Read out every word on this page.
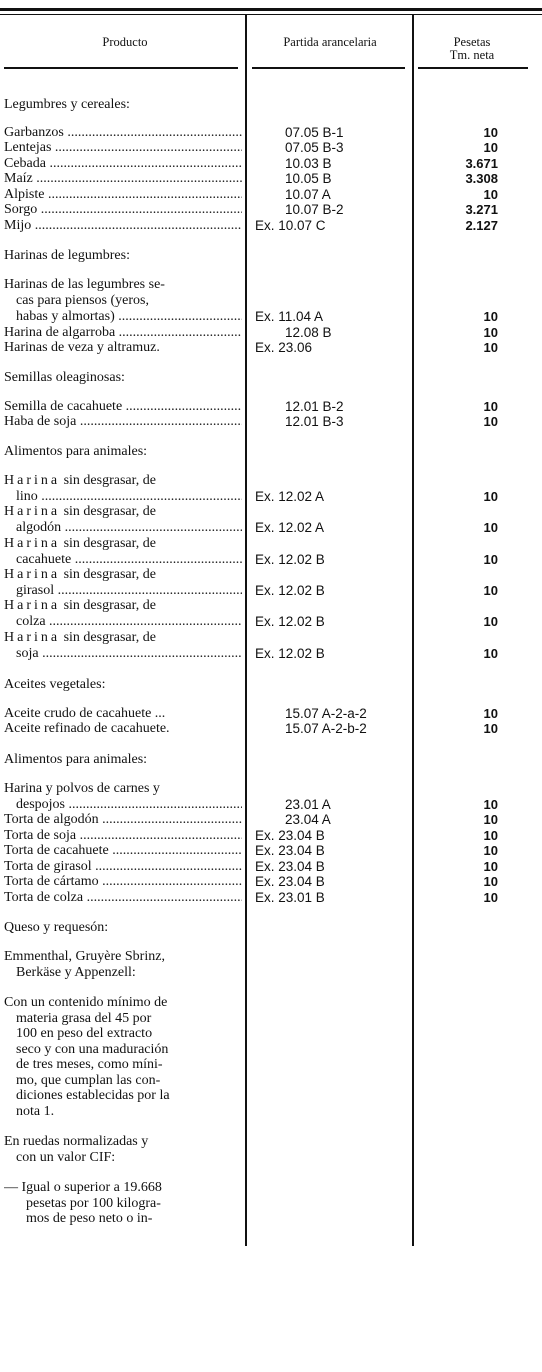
Producto	Partida arancelaria	Pesetas
Tm. neta
Legumbres y cereales:
Garbanzos .....	07.05 B-1	10
Lentejas .....	07.05 B-3	10
Cebada .....	10.03 B	3.671
Maíz .....	10.05 B	3.308
Alpiste .....	10.07 A	10
Sorgo .....	10.07 B-2	3.271
Mijo .....	Ex. 10.07 C	2.127
Harinas de legumbres:
Harinas de las legumbres se-
cas para piensos (yeros,
habas y almortas) .....	Ex. 11.04 A	10
Harina de algarroba .....	12.08 B	10
Harinas de veza y altramuz.	Ex. 23.06	10
Semillas oleaginosas:
Semilla de cacahuete .....	12.01 B-2	10
Haba de soja .....	12.01 B-3	10
Alimentos para animales:
Harina sin desgrasar, de
lino .....	Ex. 12.02 A	10
Harina sin desgrasar, de
algodón .....	Ex. 12.02 A	10
Harina sin desgrasar, de
cacahuete .....	Ex. 12.02 B	10
Harina sin desgrasar, de
girasol .....	Ex. 12.02 B	10
Harina sin desgrasar, de
colza .....	Ex. 12.02 B	10
Harina sin desgrasar, de
soja .....	Ex. 12.02 B	10
Aceites vegetales:
Aceite crudo de cacahuete ...	15.07 A-2-a-2	10
Aceite refinado de cacahuete.	15.07 A-2-b-2	10
Alimentos para animales:
Harina y polvos de carnes y
despojos .....	23.01 A	10
Torta de algodón .....	23.04 A	10
Torta de soja .....	Ex. 23.04 B	10
Torta de cacahuete .....	Ex. 23.04 B	10
Torta de girasol .....	Ex. 23.04 B	10
Torta de cártamo .....	Ex. 23.04 B	10
Torta de colza .....	Ex. 23.01 B	10
Queso y requesón:
Emmenthal, Gruyère Sbrinz,
Berkäse y Appenzell:
Con un contenido mínimo de
materia grasa del 45 por
100 en peso del extracto
seco y con una maduración
de tres meses, como míni-
mo, que cumplan las con-
diciones establecidas por la
nota 1.
En ruedas normalizadas y
con un valor CIF:
— Igual o superior a 19.668
pesetas por 100 kilogra-
mos de peso neto o in-
